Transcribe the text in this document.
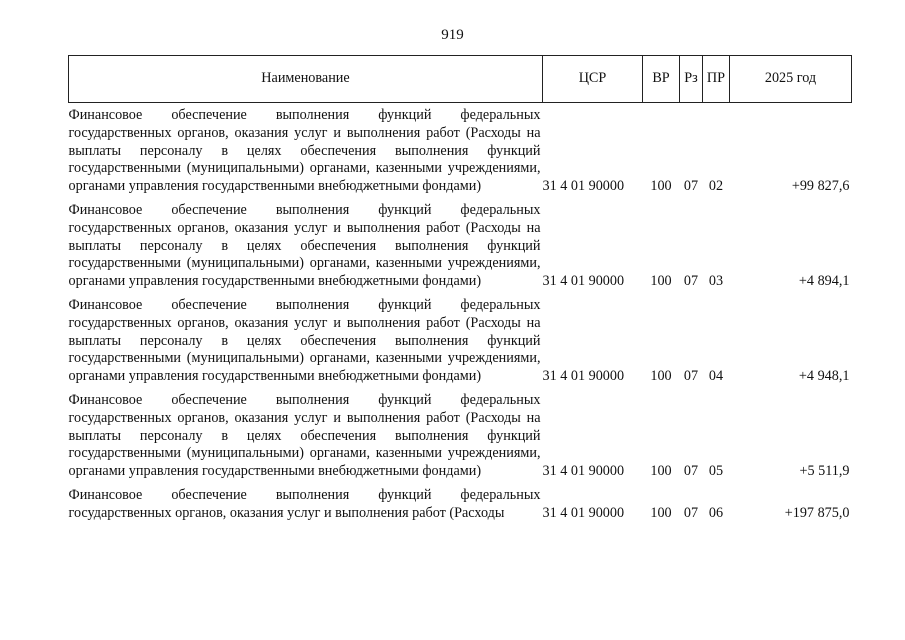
919
Наименование	ЦСР	ВР	Рз	ПР	2025 год
Финансовое обеспечение выполнения функций федеральных государственных органов, оказания услуг и выполнения работ (Расходы на выплаты персоналу в целях обеспечения выполнения функций государственными (муниципальными) органами, казенными учреждениями, органами управления государственными внебюджетными фондами)	31 4 01 90000	100	07	02	+99 827,6
Финансовое обеспечение выполнения функций федеральных государственных органов, оказания услуг и выполнения работ (Расходы на выплаты персоналу в целях обеспечения выполнения функций государственными (муниципальными) органами, казенными учреждениями, органами управления государственными внебюджетными фондами)	31 4 01 90000	100	07	03	+4 894,1
Финансовое обеспечение выполнения функций федеральных государственных органов, оказания услуг и выполнения работ (Расходы на выплаты персоналу в целях обеспечения выполнения функций государственными (муниципальными) органами, казенными учреждениями, органами управления государственными внебюджетными фондами)	31 4 01 90000	100	07	04	+4 948,1
Финансовое обеспечение выполнения функций федеральных государственных органов, оказания услуг и выполнения работ (Расходы на выплаты персоналу в целях обеспечения выполнения функций государственными (муниципальными) органами, казенными учреждениями, органами управления государственными внебюджетными фондами)	31 4 01 90000	100	07	05	+5 511,9
Финансовое обеспечение выполнения функций федеральных государственных органов, оказания услуг и выполнения работ (Расходы	31 4 01 90000	100	07	06	+197 875,0
